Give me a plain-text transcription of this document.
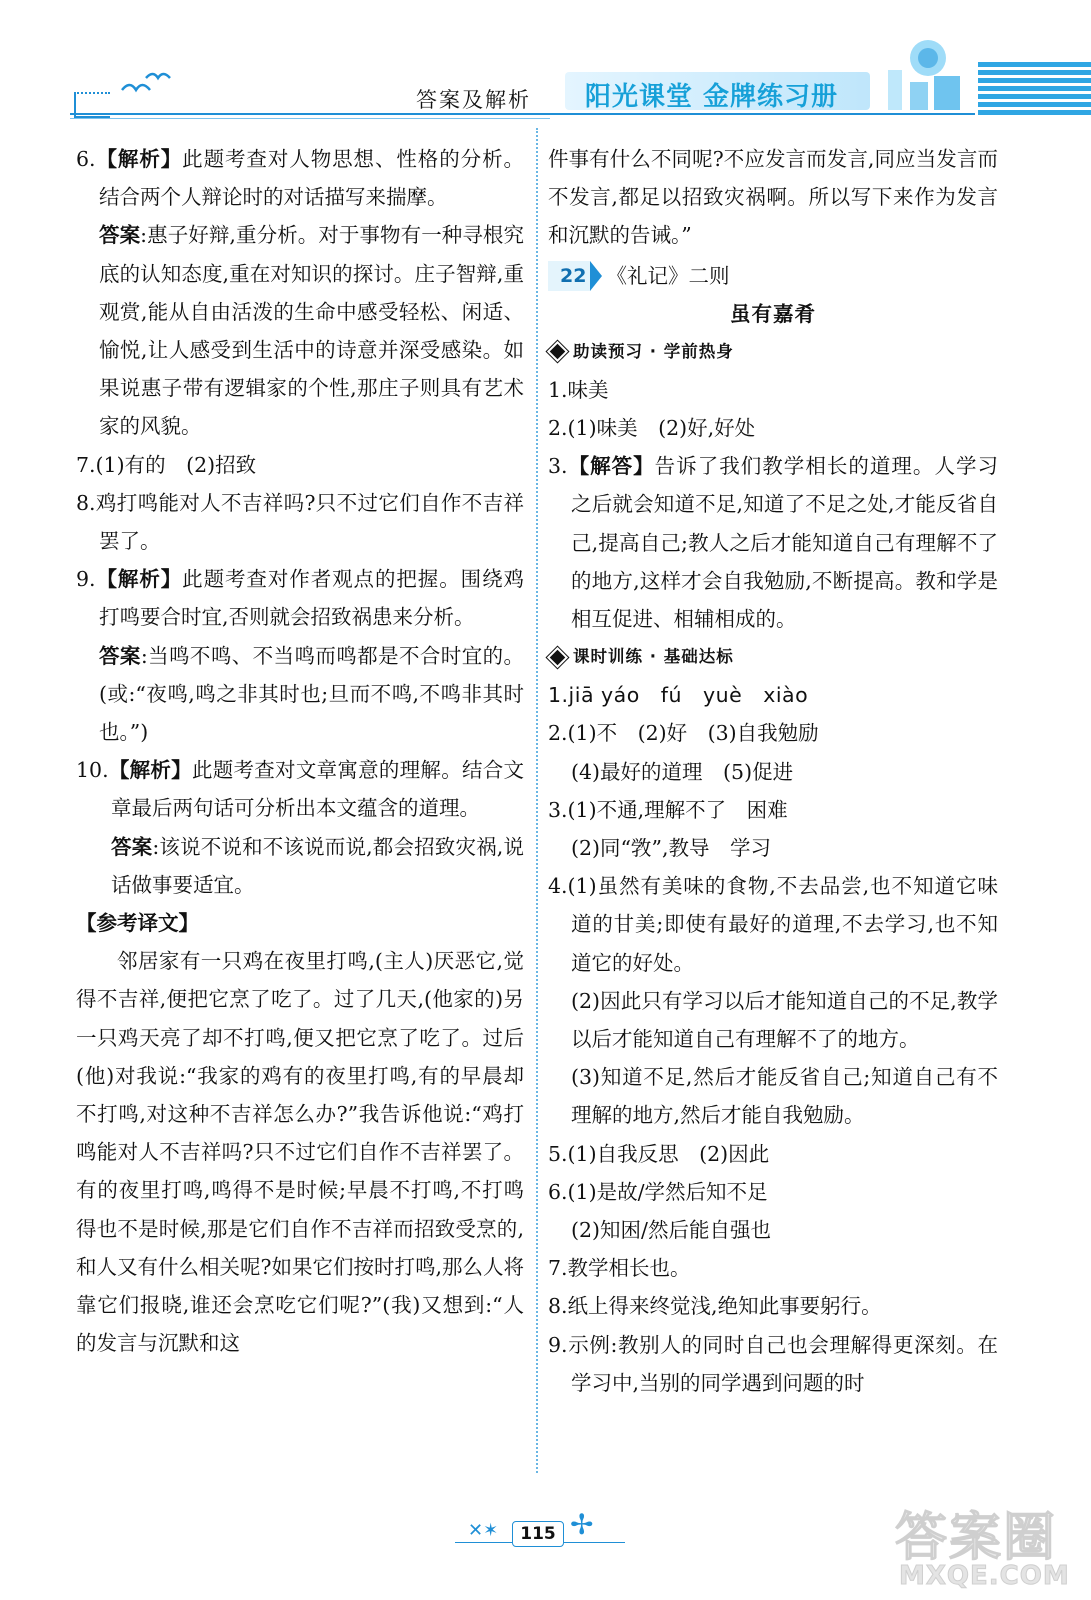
答案及解析 阳光课堂 金牌练习册

6.【解析】此题考查对人物思想、性格的分析。结合两个人辩论时的对话描写来揣摩。

答案:惠子好辩,重分析。对于事物有一种寻根究底的认知态度,重在对知识的探讨。庄子智辩,重观赏,能从自由活泼的生命中感受轻松、闲适、愉悦,让人感受到生活中的诗意并深受感染。如果说惠子带有逻辑家的个性,那庄子则具有艺术家的风貌。

7.(1)有的　(2)招致

8.鸡打鸣能对人不吉祥吗?只不过它们自作不吉祥罢了。

9.【解析】此题考查对作者观点的把握。围绕鸡打鸣要合时宜,否则就会招致祸患来分析。

答案:当鸣不鸣、不当鸣而鸣都是不合时宜的。(或:“夜鸣,鸣之非其时也;旦而不鸣,不鸣非其时也。”)

10.【解析】此题考查对文章寓意的理解。结合文章最后两句话可分析出本文蕴含的道理。

答案:该说不说和不该说而说,都会招致灾祸,说话做事要适宜。

【参考译文】

邻居家有一只鸡在夜里打鸣,(主人)厌恶它,觉得不吉祥,便把它烹了吃了。过了几天,(他家的)另一只鸡天亮了却不打鸣,便又把它烹了吃了。过后(他)对我说:“我家的鸡有的夜里打鸣,有的早晨却不打鸣,对这种不吉祥怎么办?”我告诉他说:“鸡打鸣能对人不吉祥吗?只不过它们自作不吉祥罢了。有的夜里打鸣,鸣得不是时候;早晨不打鸣,不打鸣得也不是时候,那是它们自作不吉祥而招致受烹的,和人又有什么相关呢?如果它们按时打鸣,那么人将靠它们报晓,谁还会烹吃它们呢?”(我)又想到:“人的发言与沉默和这

件事有什么不同呢?不应发言而发言,同应当发言而不发言,都足以招致灾祸啊。所以写下来作为发言和沉默的告诫。”

22 《礼记》二则

虽有嘉肴

助读预习 · 学前热身

1.味美

2.(1)味美　(2)好,好处

3.【解答】告诉了我们教学相长的道理。人学习之后就会知道不足,知道了不足之处,才能反省自己,提高自己;教人之后才能知道自己有理解不了的地方,这样才会自我勉励,不断提高。教和学是相互促进、相辅相成的。

课时训练 · 基础达标

1.jiā yáo　fú　yuè　xiào

2.(1)不　(2)好　(3)自我勉励

(4)最好的道理　(5)促进

3.(1)不通,理解不了　困难

(2)同“敩”,教导　学习

4.(1)虽然有美味的食物,不去品尝,也不知道它味道的甘美;即使有最好的道理,不去学习,也不知道它的好处。

(2)因此只有学习以后才能知道自己的不足,教学以后才能知道自己有理解不了的地方。

(3)知道不足,然后才能反省自己;知道自己有不理解的地方,然后才能自我勉励。

5.(1)自我反思　(2)因此

6.(1)是故/学然后知不足

(2)知困/然后能自强也

7.教学相长也。

8.纸上得来终觉浅,绝知此事要躬行。

9.示例:教别人的同时自己也会理解得更深刻。在学习中,当别的同学遇到问题的时

✕✶	✢
115	答案圈
MXQE.COM
